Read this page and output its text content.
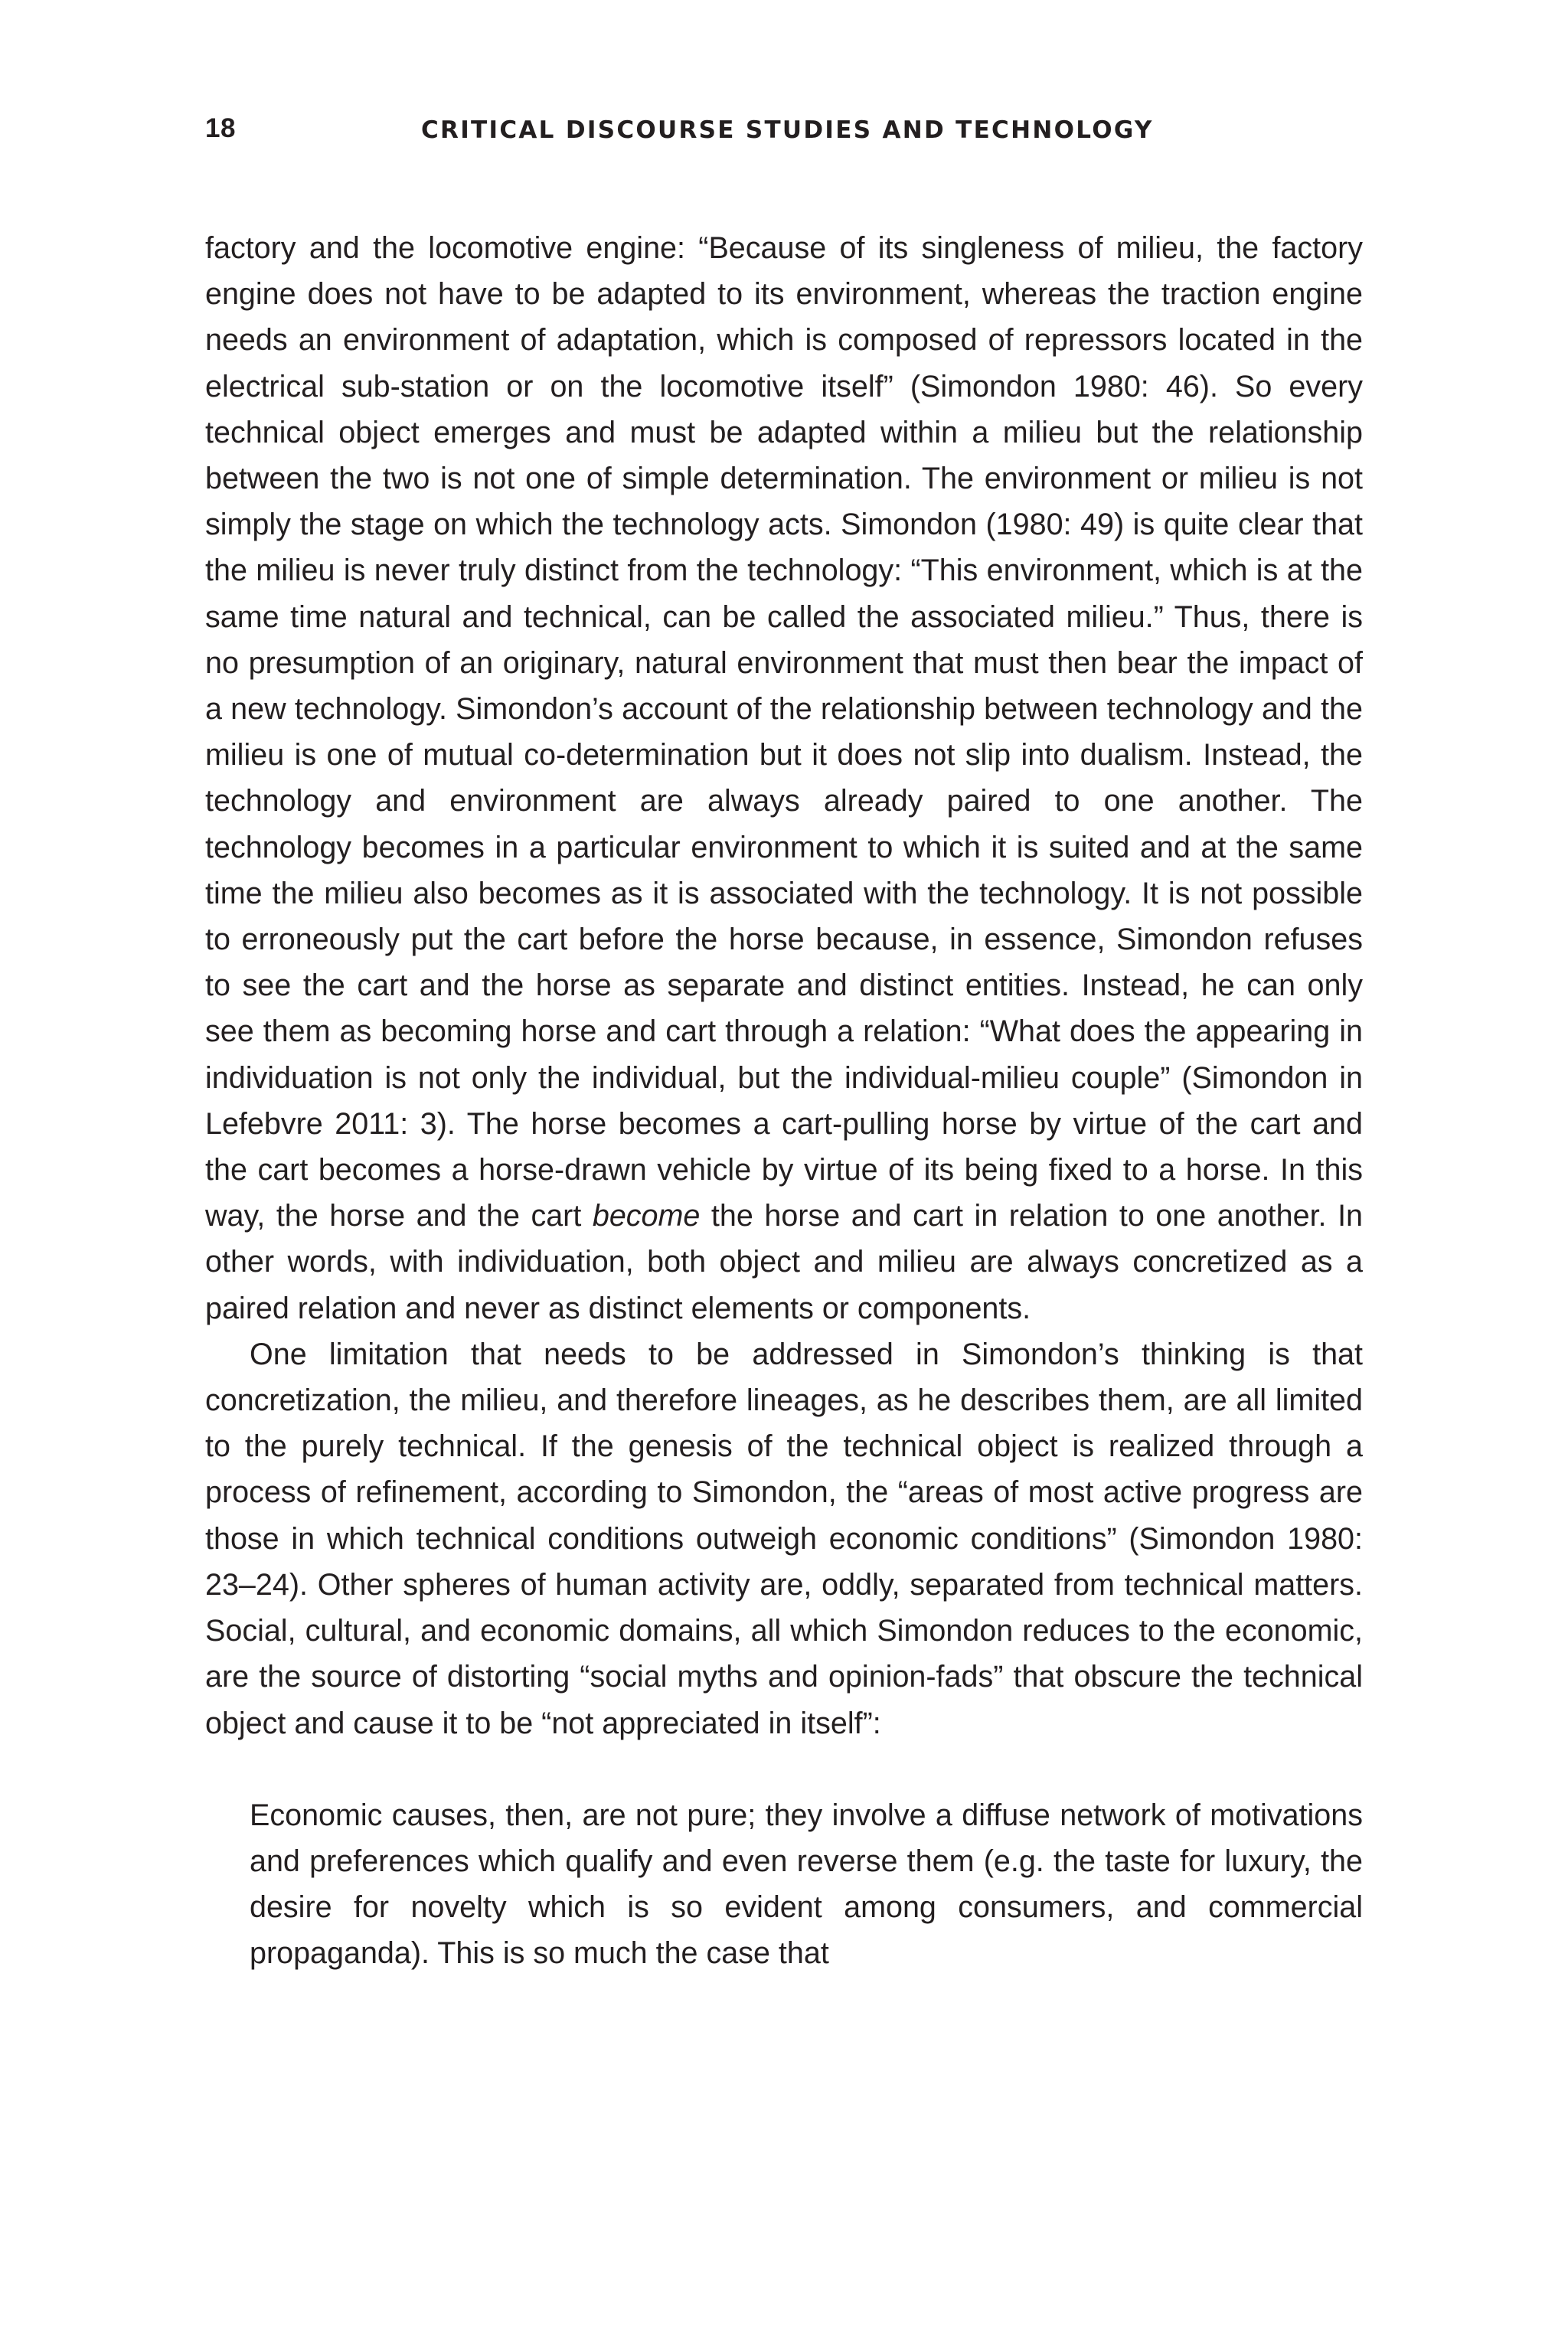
18	CRITICAL DISCOURSE STUDIES AND TECHNOLOGY

factory and the locomotive engine: “Because of its singleness of milieu, the factory engine does not have to be adapted to its environment, whereas the traction engine needs an environment of adaptation, which is composed of repressors located in the electrical sub-station or on the locomotive itself” (Simondon 1980: 46). So every technical object emerges and must be adapted within a milieu but the relationship between the two is not one of simple determination. The environment or milieu is not simply the stage on which the technology acts. Simondon (1980: 49) is quite clear that the milieu is never truly distinct from the technology: “This environment, which is at the same time natural and technical, can be called the associated milieu.” Thus, there is no presumption of an originary, natural environment that must then bear the impact of a new technology. Simondon’s account of the relationship between technology and the milieu is one of mutual co-determination but it does not slip into dualism. Instead, the technology and environment are always already paired to one another. The technology becomes in a particular environment to which it is suited and at the same time the milieu also becomes as it is associated with the technology. It is not possible to erroneously put the cart before the horse because, in essence, Simondon refuses to see the cart and the horse as separate and distinct entities. Instead, he can only see them as becoming horse and cart through a relation: “What does the appearing in individuation is not only the individual, but the individual-milieu couple” (Simondon in Lefebvre 2011: 3). The horse becomes a cart-pulling horse by virtue of the cart and the cart becomes a horse-drawn vehicle by virtue of its being fixed to a horse. In this way, the horse and the cart become the horse and cart in relation to one another. In other words, with individuation, both object and milieu are always concretized as a paired relation and never as distinct elements or components.

One limitation that needs to be addressed in Simondon’s thinking is that concretization, the milieu, and therefore lineages, as he describes them, are all limited to the purely technical. If the genesis of the technical object is realized through a process of refinement, according to Simondon, the “areas of most active progress are those in which technical conditions outweigh economic conditions” (Simondon 1980: 23–24). Other spheres of human activity are, oddly, separated from technical matters. Social, cultural, and economic domains, all which Simondon reduces to the economic, are the source of distorting “social myths and opinion-fads” that obscure the technical object and cause it to be “not appreciated in itself”:

Economic causes, then, are not pure; they involve a diffuse network of motivations and preferences which qualify and even reverse them (e.g. the taste for luxury, the desire for novelty which is so evident among consumers, and commercial propaganda). This is so much the case that
